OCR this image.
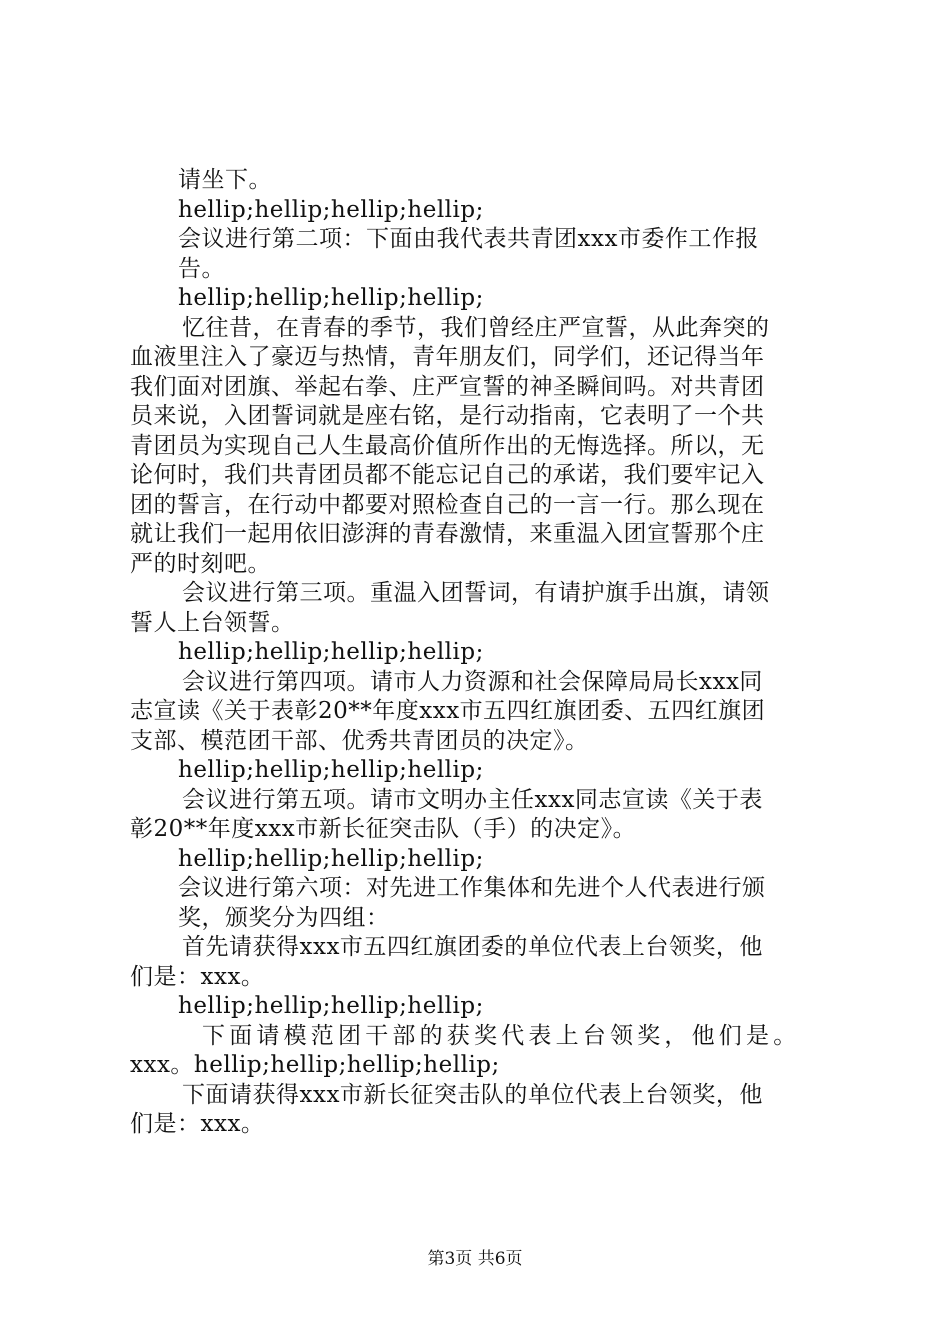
请坐下。
hellip;hellip;hellip;hellip;
会议进行第二项：下面由我代表共青团xxx市委作工作报
告。
hellip;hellip;hellip;hellip;
忆往昔，在青春的季节，我们曾经庄严宣誓，从此奔突的
血液里注入了豪迈与热情，青年朋友们，同学们，还记得当年
我们面对团旗、举起右拳、庄严宣誓的神圣瞬间吗。对共青团
员来说，入团誓词就是座右铭，是行动指南，它表明了一个共
青团员为实现自己人生最高价值所作出的无悔选择。所以，无
论何时，我们共青团员都不能忘记自己的承诺，我们要牢记入
团的誓言，在行动中都要对照检查自己的一言一行。那么现在
就让我们一起用依旧澎湃的青春激情，来重温入团宣誓那个庄
严的时刻吧。
会议进行第三项。重温入团誓词，有请护旗手出旗，请领
誓人上台领誓。
hellip;hellip;hellip;hellip;
会议进行第四项。请市人力资源和社会保障局局长xxx同
志宣读《关于表彰20**年度xxx市五四红旗团委、五四红旗团
支部、模范团干部、优秀共青团员的决定》。
hellip;hellip;hellip;hellip;
会议进行第五项。请市文明办主任xxx同志宣读《关于表
彰20**年度xxx市新长征突击队（手）的决定》。
hellip;hellip;hellip;hellip;
会议进行第六项：对先进工作集体和先进个人代表进行颁
奖，颁奖分为四组：
首先请获得xxx市五四红旗团委的单位代表上台领奖，他
们是：xxx。
hellip;hellip;hellip;hellip;
下面请模范团干部的获奖代表上台领奖，他们是。
xxx。hellip;hellip;hellip;hellip;
下面请获得xxx市新长征突击队的单位代表上台领奖，他
们是：xxx。
第3页 共6页
